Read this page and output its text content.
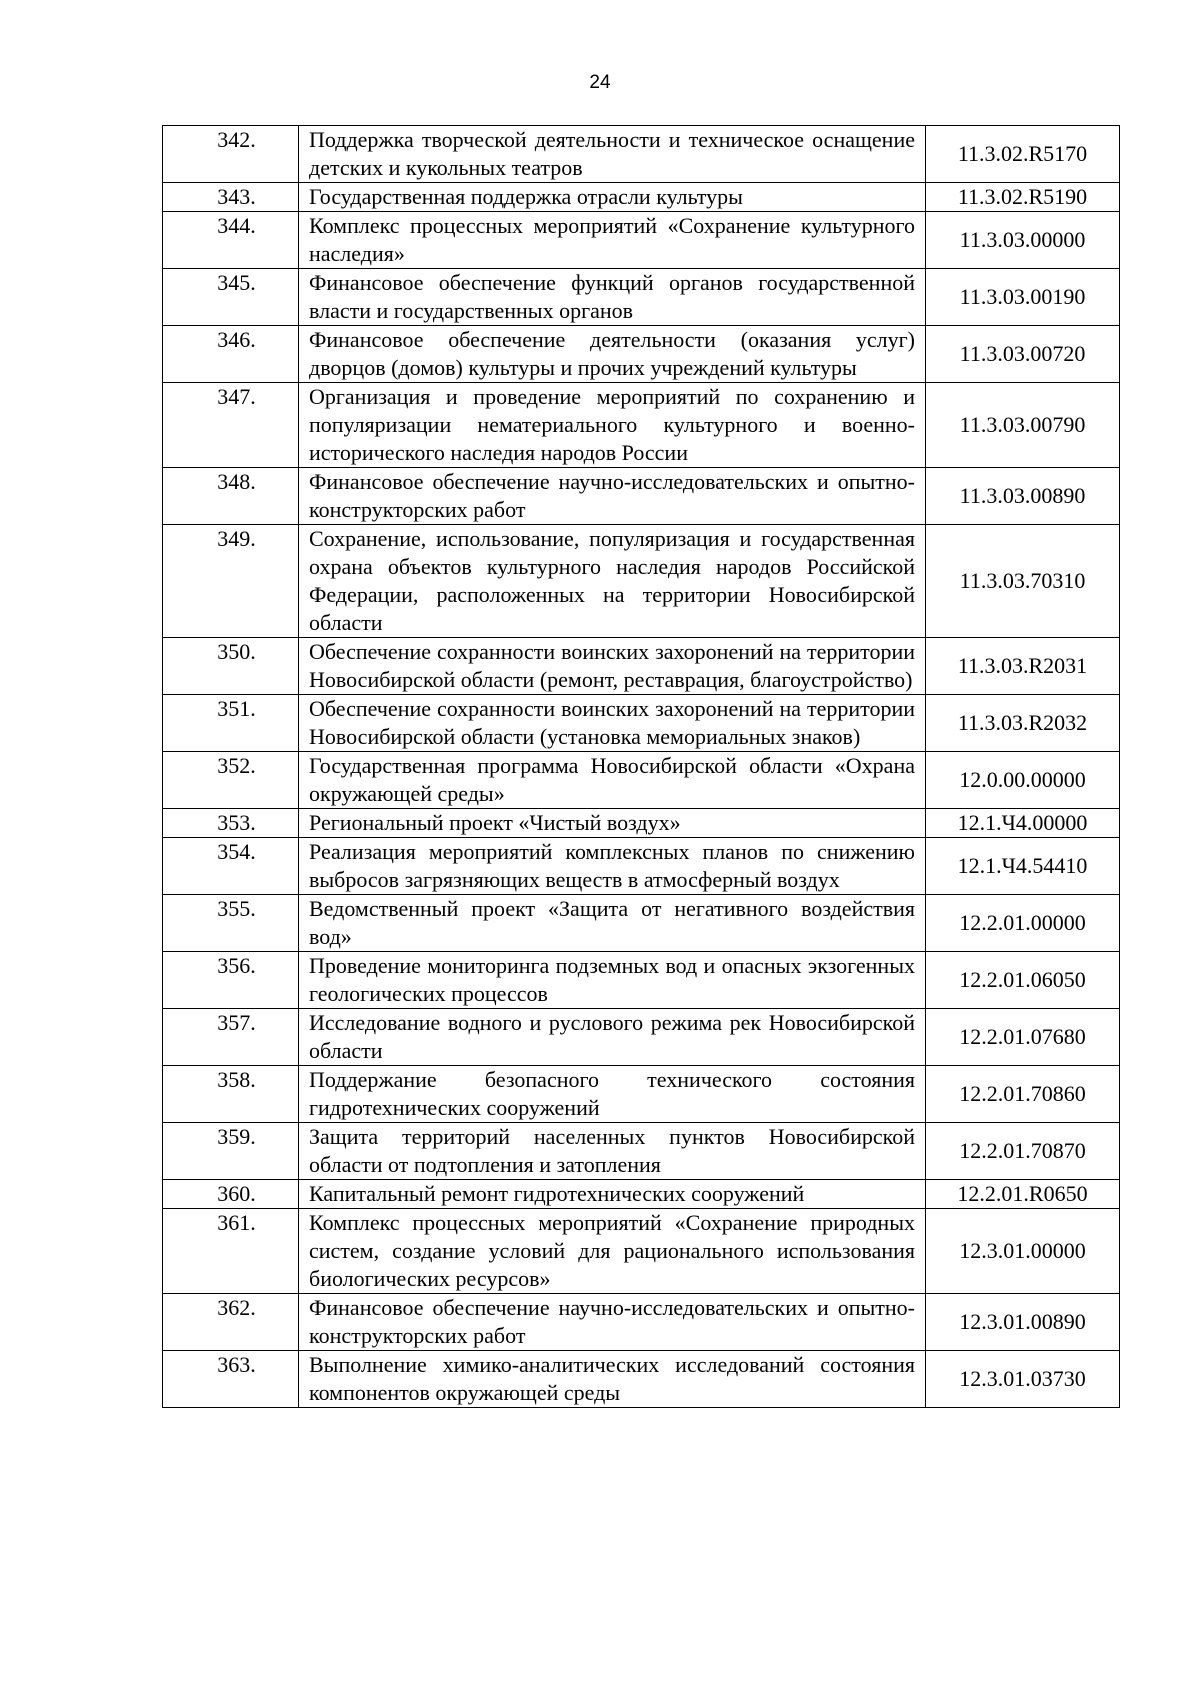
24
342.	Поддержка творческой деятельности и техническое оснащение детских и кукольных театров	11.3.02.R5170
343.	Государственная поддержка отрасли культуры	11.3.02.R5190
344.	Комплекс процессных мероприятий «Сохранение культурного наследия»	11.3.03.00000
345.	Финансовое обеспечение функций органов государственной власти и государственных органов	11.3.03.00190
346.	Финансовое обеспечение деятельности (оказания услуг) дворцов (домов) культуры и прочих учреждений культуры	11.3.03.00720
347.	Организация и проведение мероприятий по сохранению и популяризации нематериального культурного и военно-исторического наследия народов России	11.3.03.00790
348.	Финансовое обеспечение научно-исследовательских и опытно-конструкторских работ	11.3.03.00890
349.	Сохранение, использование, популяризация и государственная охрана объектов культурного наследия народов Российской Федерации, расположенных на территории Новосибирской области	11.3.03.70310
350.	Обеспечение сохранности воинских захоронений на территории Новосибирской области (ремонт, реставрация, благоустройство)	11.3.03.R2031
351.	Обеспечение сохранности воинских захоронений на территории Новосибирской области (установка мемориальных знаков)	11.3.03.R2032
352.	Государственная программа Новосибирской области «Охрана окружающей среды»	12.0.00.00000
353.	Региональный проект «Чистый воздух»	12.1.Ч4.00000
354.	Реализация мероприятий комплексных планов по снижению выбросов загрязняющих веществ в атмосферный воздух	12.1.Ч4.54410
355.	Ведомственный проект «Защита от негативного воздействия вод»	12.2.01.00000
356.	Проведение мониторинга подземных вод и опасных экзогенных геологических процессов	12.2.01.06050
357.	Исследование водного и руслового режима рек Новосибирской области	12.2.01.07680
358.	Поддержание безопасного технического состояния гидротехнических сооружений	12.2.01.70860
359.	Защита территорий населенных пунктов Новосибирской области от подтопления и затопления	12.2.01.70870
360.	Капитальный ремонт гидротехнических сооружений	12.2.01.R0650
361.	Комплекс процессных мероприятий «Сохранение природных систем, создание условий для рационального использования биологических ресурсов»	12.3.01.00000
362.	Финансовое обеспечение научно-исследовательских и опытно-конструкторских работ	12.3.01.00890
363.	Выполнение химико-аналитических исследований состояния компонентов окружающей среды	12.3.01.03730
